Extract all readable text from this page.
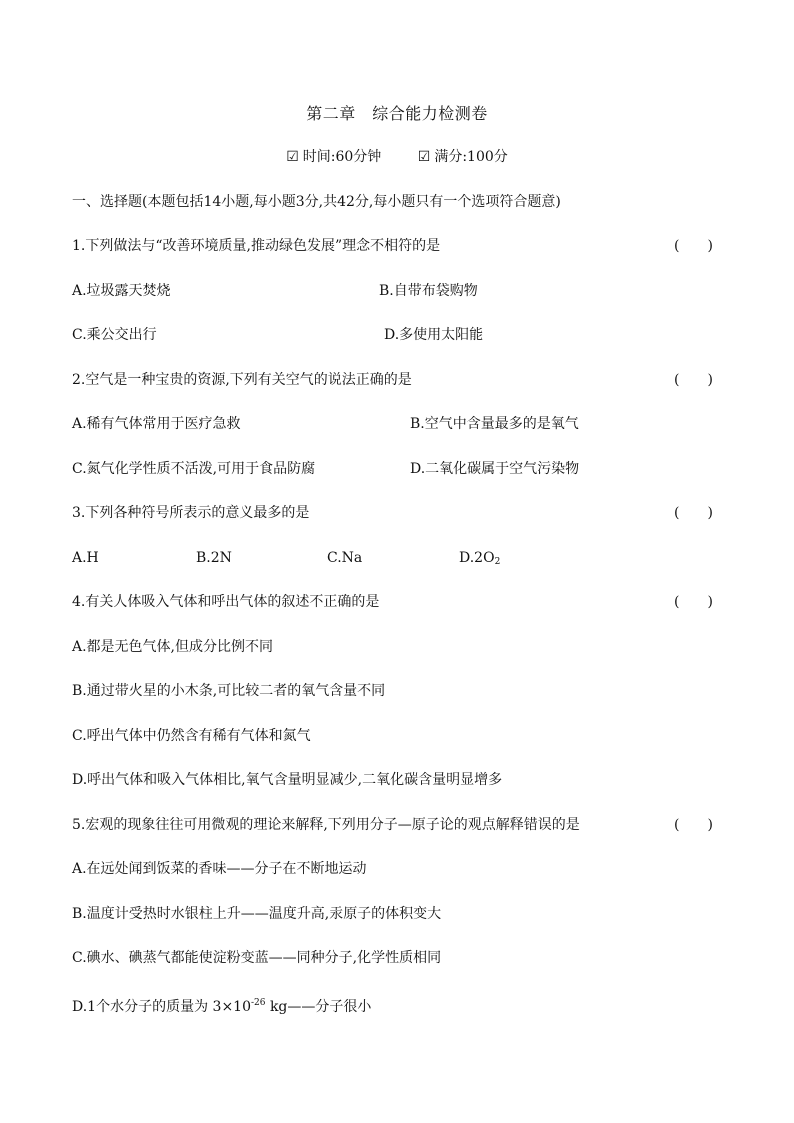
第二章　综合能力检测卷
☑ 时间:60分钟	☑ 满分:100分
一、选择题(本题包括14小题,每小题3分,共42分,每小题只有一个选项符合题意)
1.下列做法与“改善环境质量,推动绿色发展”理念不相符的是	(　　)
A.垃圾露天焚烧	B.自带布袋购物
C.乘公交出行	D.多使用太阳能
2.空气是一种宝贵的资源,下列有关空气的说法正确的是	(　　)
A.稀有气体常用于医疗急救	B.空气中含量最多的是氧气
C.氮气化学性质不活泼,可用于食品防腐	D.二氧化碳属于空气污染物
3.下列各种符号所表示的意义最多的是	(　　)
A.H	B.2N	C.Na	$D.2O_2$
4.有关人体吸入气体和呼出气体的叙述不正确的是	(　　)
A.都是无色气体,但成分比例不同
B.通过带火星的小木条,可比较二者的氧气含量不同
C.呼出气体中仍然含有稀有气体和氮气
D.呼出气体和吸入气体相比,氧气含量明显减少,二氧化碳含量明显增多
5.宏观的现象往往可用微观的理论来解释,下列用分子—原子论的观点解释错误的是	(　　)
A.在远处闻到饭菜的香味——分子在不断地运动
B.温度计受热时水银柱上升——温度升高,汞原子的体积变大
C.碘水、碘蒸气都能使淀粉变蓝——同种分子,化学性质相同
D.1个水分子的质量为 $3\times 10^{-26}$ kg——分子很小
